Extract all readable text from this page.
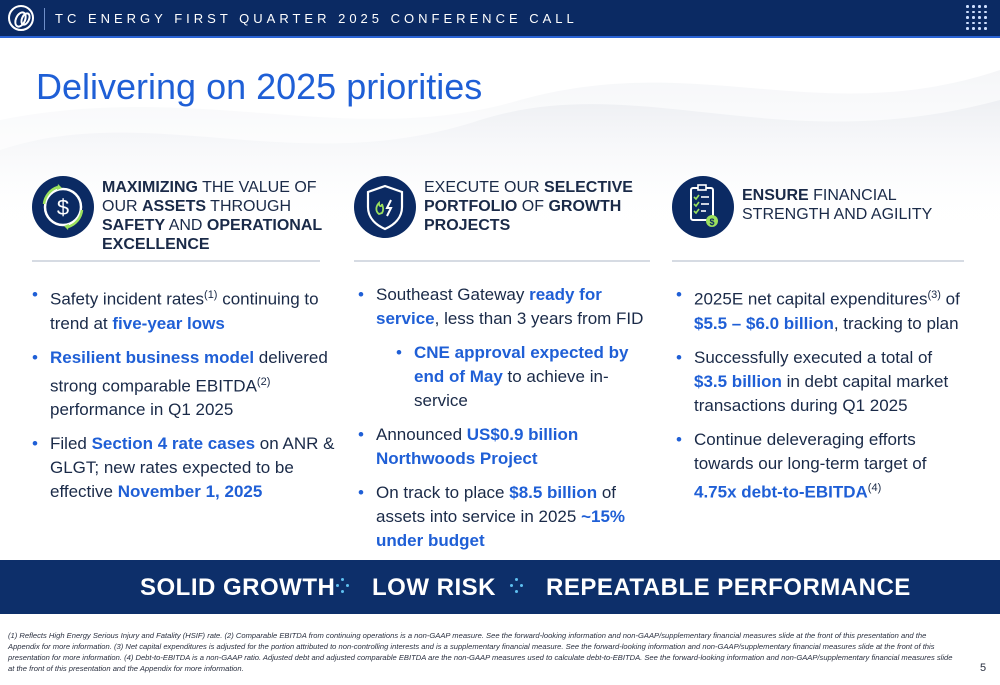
TC ENERGY FIRST QUARTER 2025 CONFERENCE CALL
Delivering on 2025 priorities
$
MAXIMIZING THE VALUE OF OUR ASSETS THROUGH SAFETY AND OPERATIONAL EXCELLENCE
• Safety incident rates$^{(1)}$ continuing to trend at five-year lows
• Resilient business model delivered strong comparable EBITDA$^{(2)}$ performance in Q1 2025
• Filed Section 4 rate cases on ANR & GLGT; new rates expected to be effective November 1, 2025
EXECUTE OUR SELECTIVE PORTFOLIO OF GROWTH PROJECTS
• Southeast Gateway ready for service, less than 3 years from FID
• CNE approval expected by end of May to achieve in-service
• Announced US$0.9 billion Northwoods Project
• On track to place $8.5 billion of assets into service in 2025 ~15% under budget
$
ENSURE FINANCIAL STRENGTH AND AGILITY
• 2025E net capital expenditures$^{(3)}$ of $5.5 – $6.0 billion, tracking to plan
• Successfully executed a total of $3.5 billion in debt capital market transactions during Q1 2025
• Continue deleveraging efforts towards our long-term target of 4.75x debt-to-EBITDA$^{(4)}$
SOLID GROWTH LOW RISK REPEATABLE PERFORMANCE
(1) Reflects High Energy Serious Injury and Fatality (HSIF) rate. (2) Comparable EBITDA from continuing operations is a non-GAAP measure. See the forward-looking information and non-GAAP/supplementary financial measures slide at the front of this presentation and the Appendix for more information. (3) Net capital expenditures is adjusted for the portion attributed to non-controlling interests and is a supplementary financial measure. See the forward-looking information and non-GAAP/supplementary financial measures slide at the front of this presentation for more information. (4) Debt-to-EBITDA is a non-GAAP ratio. Adjusted debt and adjusted comparable EBITDA are the non-GAAP measures used to calculate debt-to-EBITDA. See the forward-looking information and non-GAAP/supplementary financial measures slide at the front of this presentation and the Appendix for more information.	5
